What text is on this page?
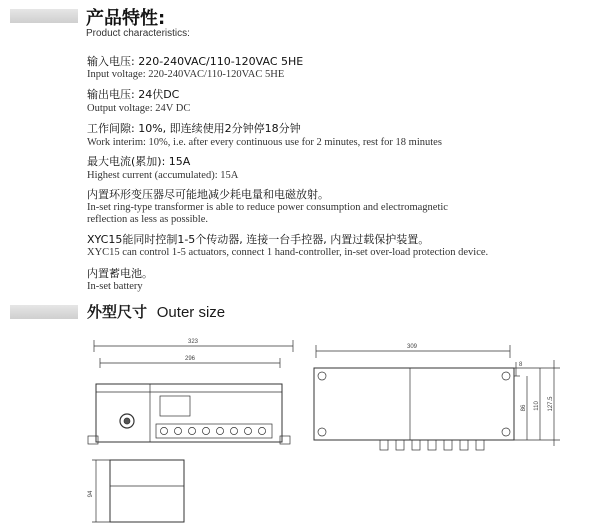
产品特性:
Product characteristics:
输入电压: 220-240VAC/110-120VAC 5HE
Input voltage: 220-240VAC/110-120VAC 5HE
输出电压: 24伏DC
Output voltage: 24V DC
工作间隙: 10%, 即连续使用2分钟停18分钟
Work interim: 10%, i.e. after every continuous use for 2 minutes, rest for 18 minutes
最大电流(累加): 15A
Highest current (accumulated): 15A
内置环形变压器尽可能地减少耗电量和电磁放射。
In-set ring-type transformer is able to reduce power consumption and electromagnetic
reflection as less as possible.
XYC15能同时控制1-5个传动器, 连接一台手控器, 内置过载保护装置。
XYC15 can control 1-5 actuators, connect 1 hand-controller, in-set over-load protection device.
内置蓄电池。
In-set battery
外型尺寸 Outer size
323
296
309
94
86 110 127.5
8
